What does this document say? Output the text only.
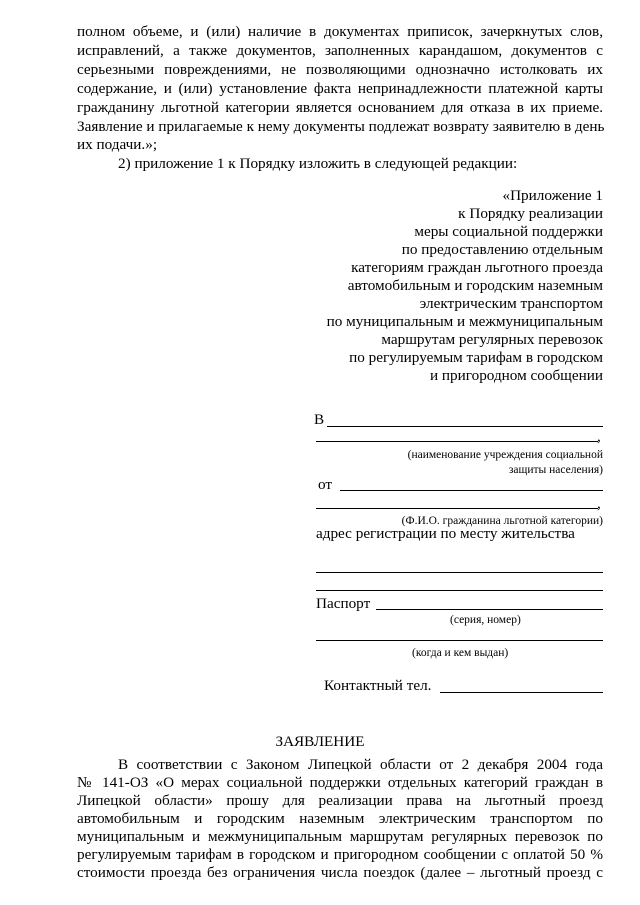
полном объеме, и (или) наличие в документах приписок, зачеркнутых слов,
исправлений, а также документов, заполненных карандашом, документов с
серьезными повреждениями, не позволяющими однозначно истолковать их
содержание, и (или) установление факта непринадлежности платежной карты
гражданину льготной категории является основанием для отказа в их приеме.
Заявление и прилагаемые к нему документы подлежат возврату заявителю в день
их подачи.»;
2) приложение 1 к Порядку изложить в следующей редакции:
«Приложение 1
к Порядку реализации
меры социальной поддержки
по предоставлению отдельным
категориям граждан льготного проезда
автомобильным и городским наземным
электрическим транспортом
по муниципальным и межмуниципальным
маршрутам регулярных перевозок
по регулируемым тарифам в городском
и пригородном сообщении
В
,
(наименование учреждения социальной
защиты населения)
от
,
(Ф.И.О. гражданина льготной категории)
адрес регистрации по месту жительства
Паспорт
(серия, номер)
(когда и кем выдан)
Контактный тел.
ЗАЯВЛЕНИЕ
В соответствии с Законом Липецкой области от 2 декабря 2004 года
№ 141-ОЗ «О мерах социальной поддержки отдельных категорий граждан в
Липецкой области» прошу для реализации права на льготный проезд
автомобильным и городским наземным электрическим транспортом по
муниципальным и межмуниципальным маршрутам регулярных перевозок по
регулируемым тарифам в городском и пригородном сообщении с оплатой 50 %
стоимости проезда без ограничения числа поездок (далее – льготный проезд с
